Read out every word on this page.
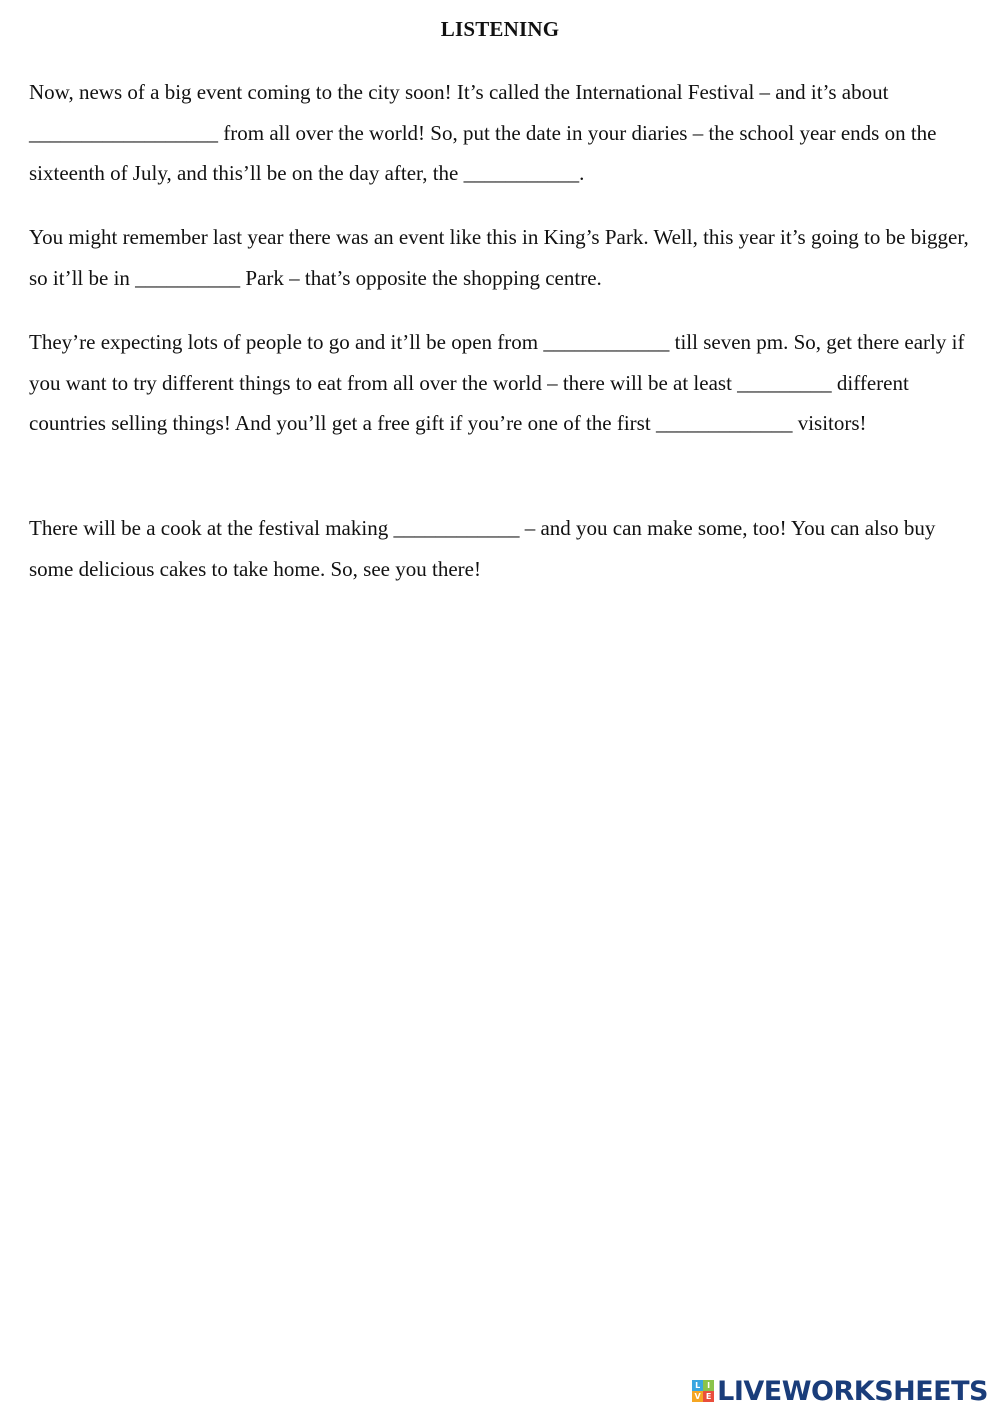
LISTENING

Now, news of a big event coming to the city soon! It’s called the International Festival – and it’s about __________________ from all over the world! So, put the date in your diaries – the school year ends on the sixteenth of July, and this’ll be on the day after, the ___________.

You might remember last year there was an event like this in King’s Park. Well, this year it’s going to be bigger, so it’ll be in __________ Park – that’s opposite the shopping centre.

They’re expecting lots of people to go and it’ll be open from ____________ till seven pm. So, get there early if you want to try different things to eat from all over the world – there will be at least _________ different countries selling things! And you’ll get a free gift if you’re one of the first _____________ visitors!

There will be a cook at the festival making ____________ – and you can make some, too! You can also buy some delicious cakes to take home. So, see you there!

L I
V E LIVEWORKSHEETS
